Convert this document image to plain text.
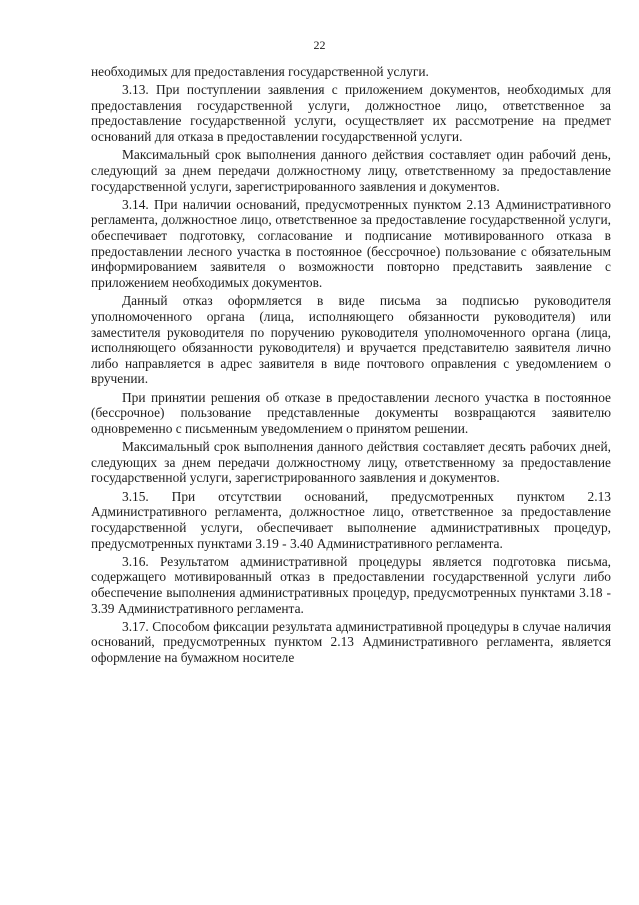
22

необходимых для предоставления государственной услуги.

3.13. При поступлении заявления с приложением документов, необходимых для предоставления государственной услуги, должностное лицо, ответственное за предоставление государственной услуги, осуществляет их рассмотрение на предмет оснований для отказа в предоставлении государственной услуги.

Максимальный срок выполнения данного действия составляет один рабочий день, следующий за днем передачи должностному лицу, ответственному за предоставление государственной услуги, зарегистрированного заявления и документов.

3.14. При наличии оснований, предусмотренных пунктом 2.13 Административного регламента, должностное лицо, ответственное за предоставление государственной услуги, обеспечивает подготовку, согласование и подписание мотивированного отказа в предоставлении лесного участка в постоянное (бессрочное) пользование с обязательным информированием заявителя о возможности повторно представить заявление с приложением необходимых документов.

Данный отказ оформляется в виде письма за подписью руководителя уполномоченного органа (лица, исполняющего обязанности руководителя) или заместителя руководителя по поручению руководителя уполномоченного органа (лица, исполняющего обязанности руководителя) и вручается представителю заявителя лично либо направляется в адрес заявителя в виде почтового оправления с уведомлением о вручении.

При принятии решения об отказе в предоставлении лесного участка в постоянное (бессрочное) пользование представленные документы возвращаются заявителю одновременно с письменным уведомлением о принятом решении.

Максимальный срок выполнения данного действия составляет десять рабочих дней, следующих за днем передачи должностному лицу, ответственному за предоставление государственной услуги, зарегистрированного заявления и документов.

3.15. При отсутствии оснований, предусмотренных пунктом 2.13 Административного регламента, должностное лицо, ответственное за предоставление государственной услуги, обеспечивает выполнение административных процедур, предусмотренных пунктами 3.19 - 3.40 Административного регламента.

3.16. Результатом административной процедуры является подготовка письма, содержащего мотивированный отказ в предоставлении государственной услуги либо обеспечение выполнения административных процедур, предусмотренных пунктами 3.18 - 3.39 Административного регламента.

3.17. Способом фиксации результата административной процедуры в случае наличия оснований, предусмотренных пунктом 2.13 Административного регламента, является оформление на бумажном носителе
